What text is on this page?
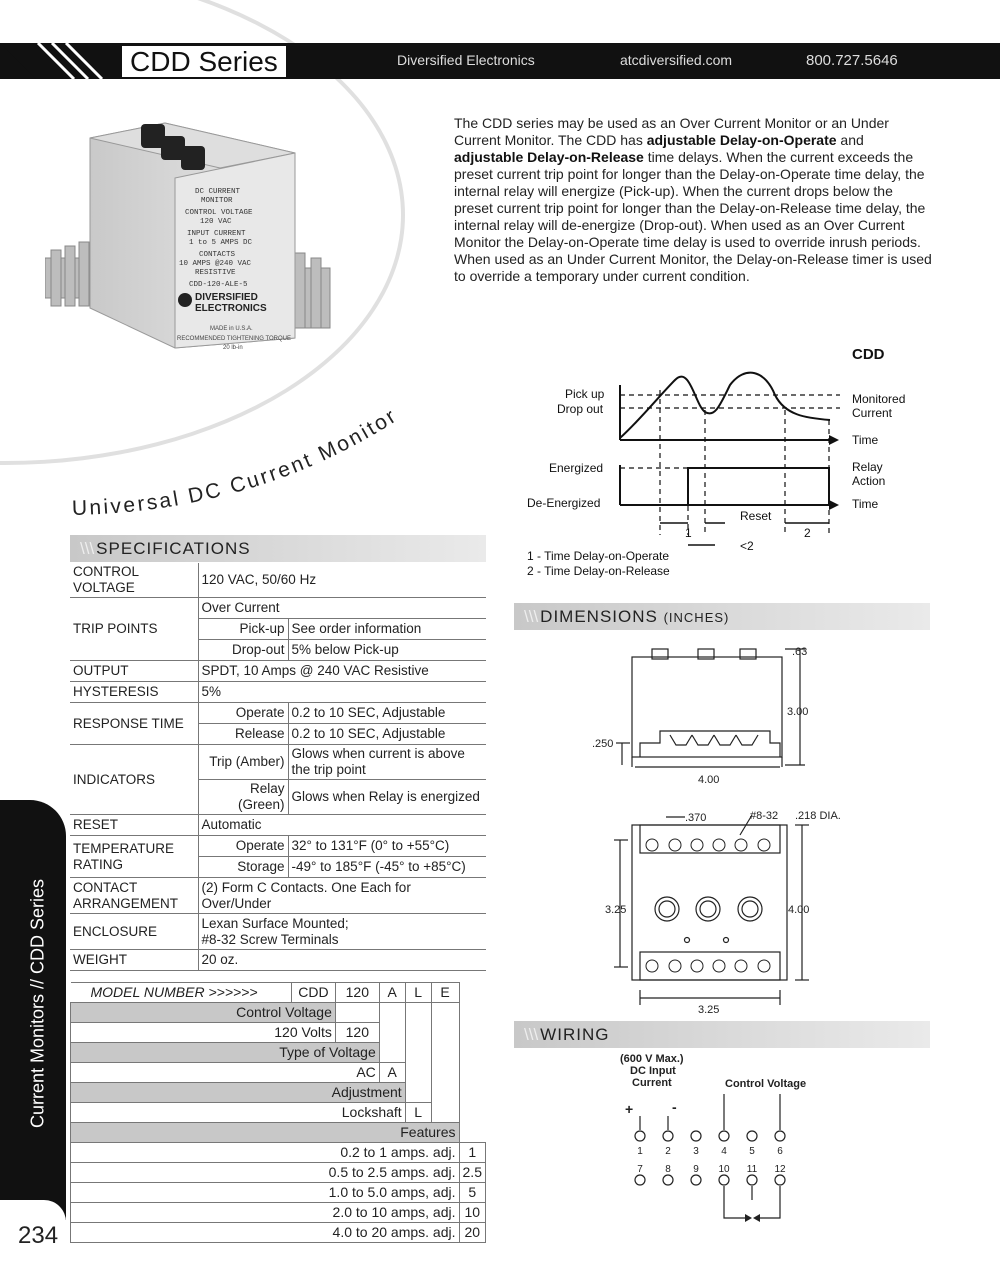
CDD Series	Diversified Electronics	atcdiversified.com	800.727.5646
DC CURRENT
MONITOR
CONTROL VOLTAGE
120 VAC
INPUT CURRENT
1 to 5 AMPS DC
CONTACTS
10 AMPS @240 VAC
RESISTIVE
CDD-120-ALE-5
DIVERSIFIED
ELECTRONICS
MADE in U.S.A.
RECOMMENDED TIGHTENING TORQUE
20 lb-in
The CDD series may be used as an Over Current Monitor or an Under Current Monitor. The CDD has adjustable Delay-on-Operate and adjustable Delay-on-Release time delays. When the current exceeds the preset current trip point for longer than the Delay-on-Operate time delay, the internal relay will energize (Pick-up). When the current drops below the preset current trip point for longer than the Delay-on-Release time delay, the internal relay will de-energize (Drop-out). When used as an Over Current Monitor the Delay-on-Operate time delay is used to override inrush periods. When used as an Under Current Monitor, the Delay-on-Release timer is used to override a temporary under current condition.
Universal DC Current Monitor
CDD
Pick up
Drop out
Monitored
Current
Time
Energized	Relay
Action
De-Energized	Time
Reset
1	2
<2
1 - Time Delay-on-Operate
2 - Time Delay-on-Release
\\\ SPECIFICATIONS
CONTROL VOLTAGE	120 VAC, 50/60 Hz	
TRIP POINTS	Over Current	
	Pick-up	See order information
	Drop-out	5% below Pick-up
OUTPUT	SPDT, 10 Amps @ 240 VAC Resistive	
HYSTERESIS	5%	
RESPONSE TIME	Operate	0.2 to 10 SEC, Adjustable
	Release	0.2 to 10 SEC, Adjustable
INDICATORS	Trip (Amber)	Glows when current is above the trip point
	Relay (Green)	Glows when Relay is energized
RESET	Automatic	
TEMPERATURE RATING	Operate	32° to 131°F (0° to +55°C)
	Storage	-49° to 185°F (-45° to +85°C)
CONTACT ARRANGEMENT	(2) Form C Contacts. One Each for Over/Under	
ENCLOSURE	Lexan Surface Mounted;
#8-32 Screw Terminals	

WEIGHT	20 oz.	
MODEL NUMBER >>>>>>	CDD	120	A	L	E	
Control Voltage						
120 Volts		120				
Type of Voltage						
AC			A			
Adjustment						
Lockshaft				L		
Features						
0.2 to 1 amps. adj.						1
0.5 to 2.5 amps. adj.						2.5
1.0 to 5.0 amps, adj.						5
2.0 to 10 amps, adj.						10
4.0 to 20 amps. adj.						20
\\\ DIMENSIONS (INCHES)
.63
3.00
.250
4.00
.370	#8-32 .218 DIA.
3.25	4.00
3.25
\\\ WIRING
(600 V Max.)
DC Input
Current	Control Voltage
+	-
1 2 3 4 5 6
7 8 9 10 11 12
Current Monitors // CDD Series
234
